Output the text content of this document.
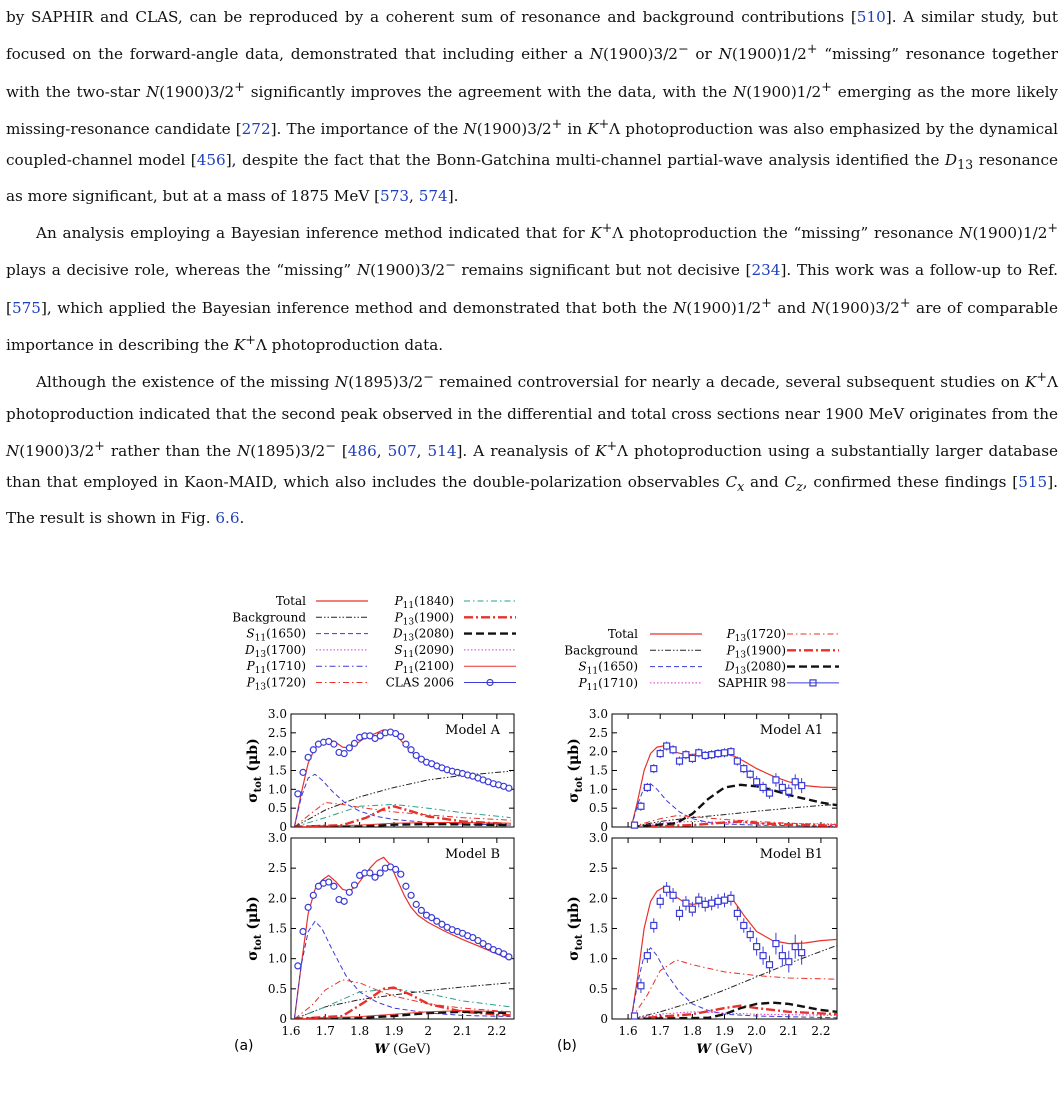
by SAPHIR and CLAS, can be reproduced by a coherent sum of resonance and background contributions [510]. A similar study, but focused on the forward-angle data, demonstrated that including either a N(1900)3/2− or N(1900)1/2+ “missing” resonance together with the two-star N(1900)3/2+ significantly improves the agreement with the data, with the N(1900)1/2+ emerging as the more likely missing-resonance candidate [272]. The importance of the N(1900)3/2+ in K+Λ photoproduction was also emphasized by the dynamical coupled-channel model [456], despite the fact that the Bonn-Gatchina multi-channel partial-wave analysis identified the $D_{13}$ resonance as more significant, but at a mass of 1875 MeV [573, 574].

An analysis employing a Bayesian inference method indicated that for K+Λ photoproduction the “missing” resonance N(1900)1/2+ plays a decisive role, whereas the “missing” N(1900)3/2− remains significant but not decisive [234]. This work was a follow-up to Ref. [575], which applied the Bayesian inference method and demonstrated that both the N(1900)1/2+ and N(1900)3/2+ are of comparable importance in describing the K+Λ photoproduction data.

Although the existence of the missing N(1895)3/2− remained controversial for nearly a decade, several subsequent studies on K+Λ photoproduction indicated that the second peak observed in the differential and total cross sections near 1900 MeV originates from the N(1900)3/2+ rather than the N(1895)3/2− [486, 507, 514]. A reanalysis of K+Λ photoproduction using a substantially larger database than that employed in Kaon-MAID, which also includes the double-polarization observables $C_x$ and $C_z$, confirmed these findings [515]. The result is shown in Fig. 6.6.

Total
Background
$S_{11}(1650)$
$D_{13}(1700)$
$P_{11}(1710)$
$P_{13}(1720)$
$P_{11}(1840)$
$P_{13}(1900)$
$D_{13}(2080)$
$S_{11}(2090)$
$P_{11}(2100)$
CLAS 2006
Total
Background
$S_{11}(1650)$
$P_{11}(1710)$
$P_{13}(1720)$
$P_{13}(1900)$
$D_{13}(2080)$
SAPHIR 98
0
0.5
1.0
1.5
2.0
2.5
3.0
Model A
$\sigma_{tot}$ (μb)
0
0.5
1.0
1.5
2.0
2.5
3.0
1.6 1.7 1.8 1.9 2 2.1 2.2
Model B
$\sigma_{tot}$ (μb)
W (GeV)
0
0.5
1.0
1.5
2.0
2.5
3.0
Model A1
$\sigma_{tot}$ (μb)
0
0.5
1.0
1.5
2.0
2.5
3.0
1.6 1.7 1.8 1.9 2.0 2.1 2.2
Model B1
$\sigma_{tot}$ (μb)
W (GeV)
(a)	(b)
